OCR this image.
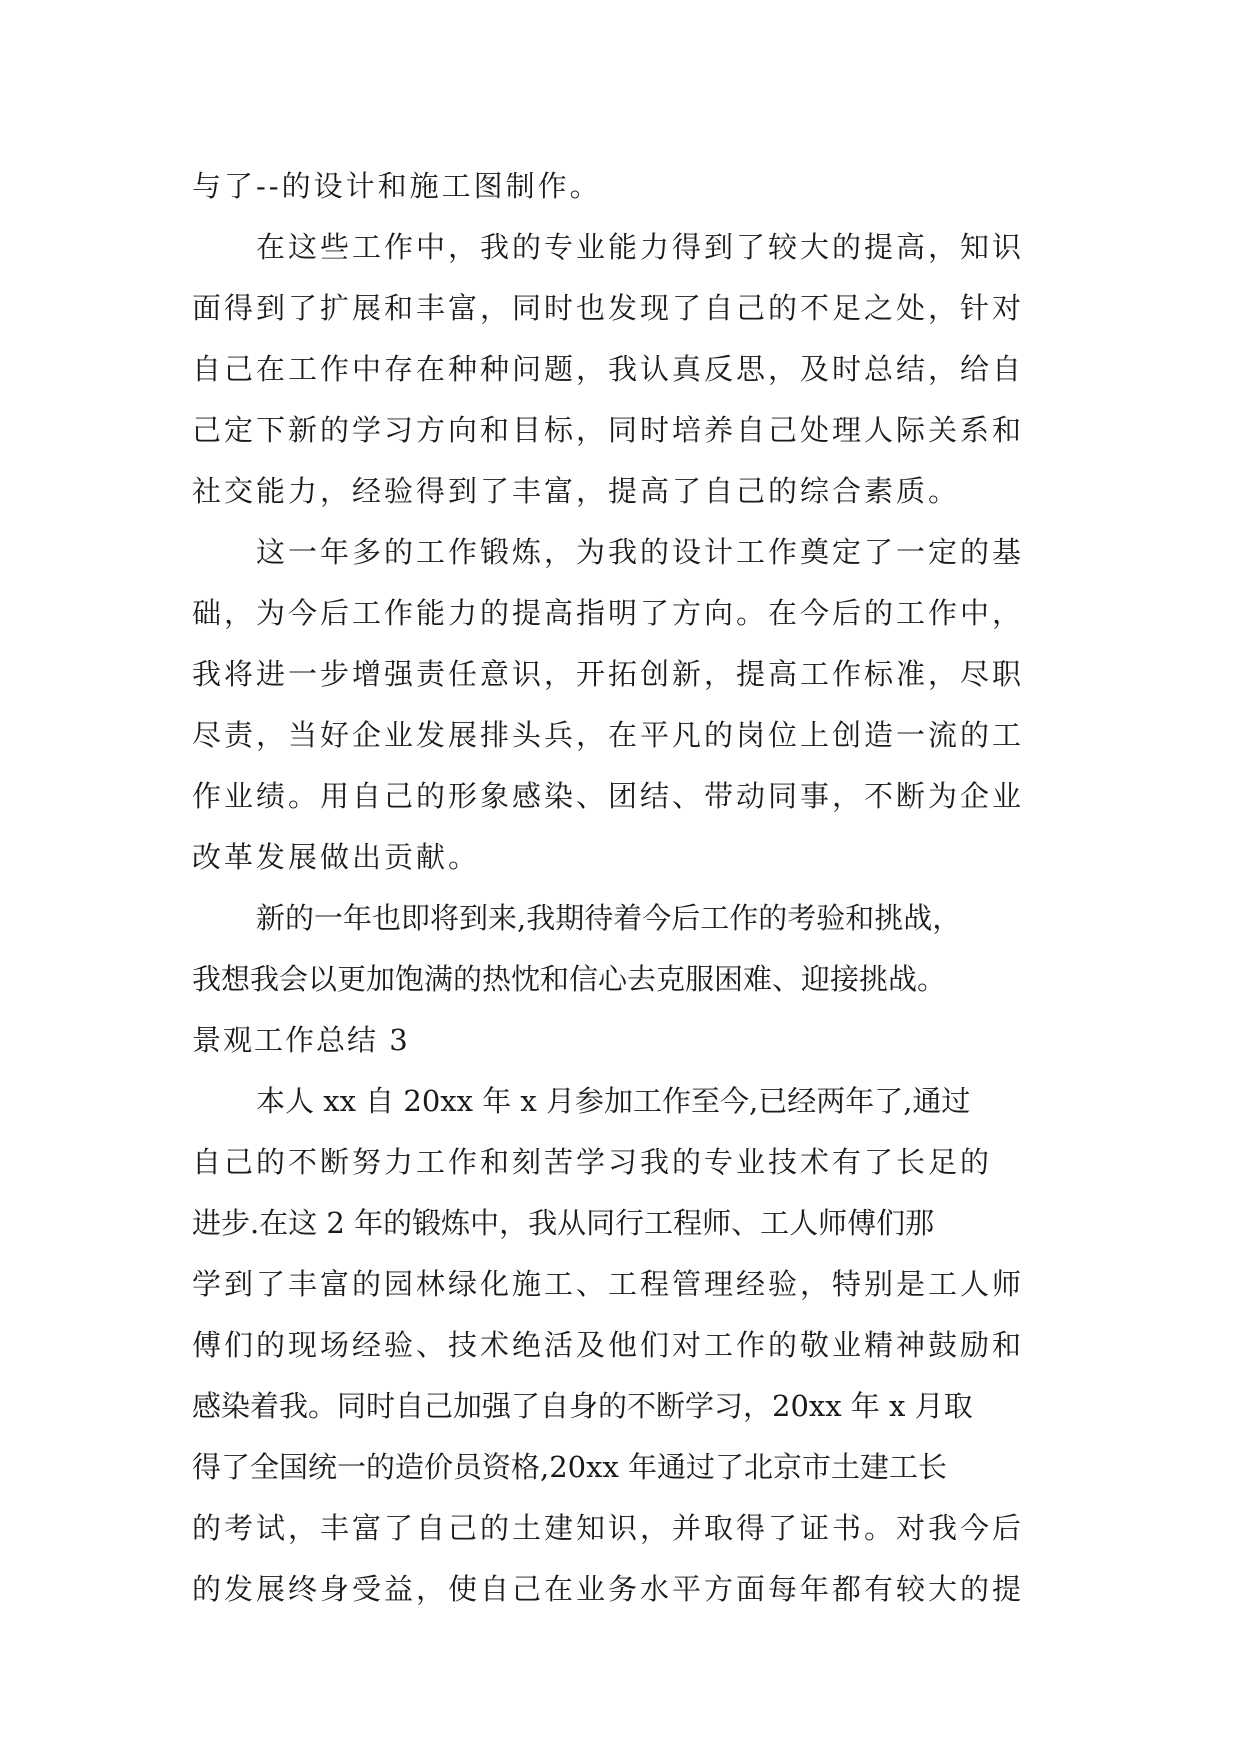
与了--的设计和施工图制作。
在这些工作中，我的专业能力得到了较大的提高，知识
面得到了扩展和丰富，同时也发现了自己的不足之处，针对
自己在工作中存在种种问题，我认真反思，及时总结，给自
己定下新的学习方向和目标，同时培养自己处理人际关系和
社交能力，经验得到了丰富，提高了自己的综合素质。
这一年多的工作锻炼，为我的设计工作奠定了一定的基
础，为今后工作能力的提高指明了方向。在今后的工作中，
我将进一步增强责任意识，开拓创新，提高工作标准，尽职
尽责，当好企业发展排头兵，在平凡的岗位上创造一流的工
作业绩。用自己的形象感染、团结、带动同事，不断为企业
改革发展做出贡献。
新的一年也即将到来,我期待着今后工作的考验和挑战，
我想我会以更加饱满的热忱和信心去克服困难、迎接挑战。
景观工作总结 3
本人 xx 自 20xx 年 x 月参加工作至今,已经两年了,通过
自己的不断努力工作和刻苦学习我的专业技术有了长足的
进步.在这 2 年的锻炼中，我从同行工程师、工人师傅们那
学到了丰富的园林绿化施工、工程管理经验，特别是工人师
傅们的现场经验、技术绝活及他们对工作的敬业精神鼓励和
感染着我。同时自己加强了自身的不断学习，20xx 年 x 月取
得了全国统一的造价员资格,20xx 年通过了北京市土建工长
的考试，丰富了自己的土建知识，并取得了证书。对我今后
的发展终身受益，使自己在业务水平方面每年都有较大的提
